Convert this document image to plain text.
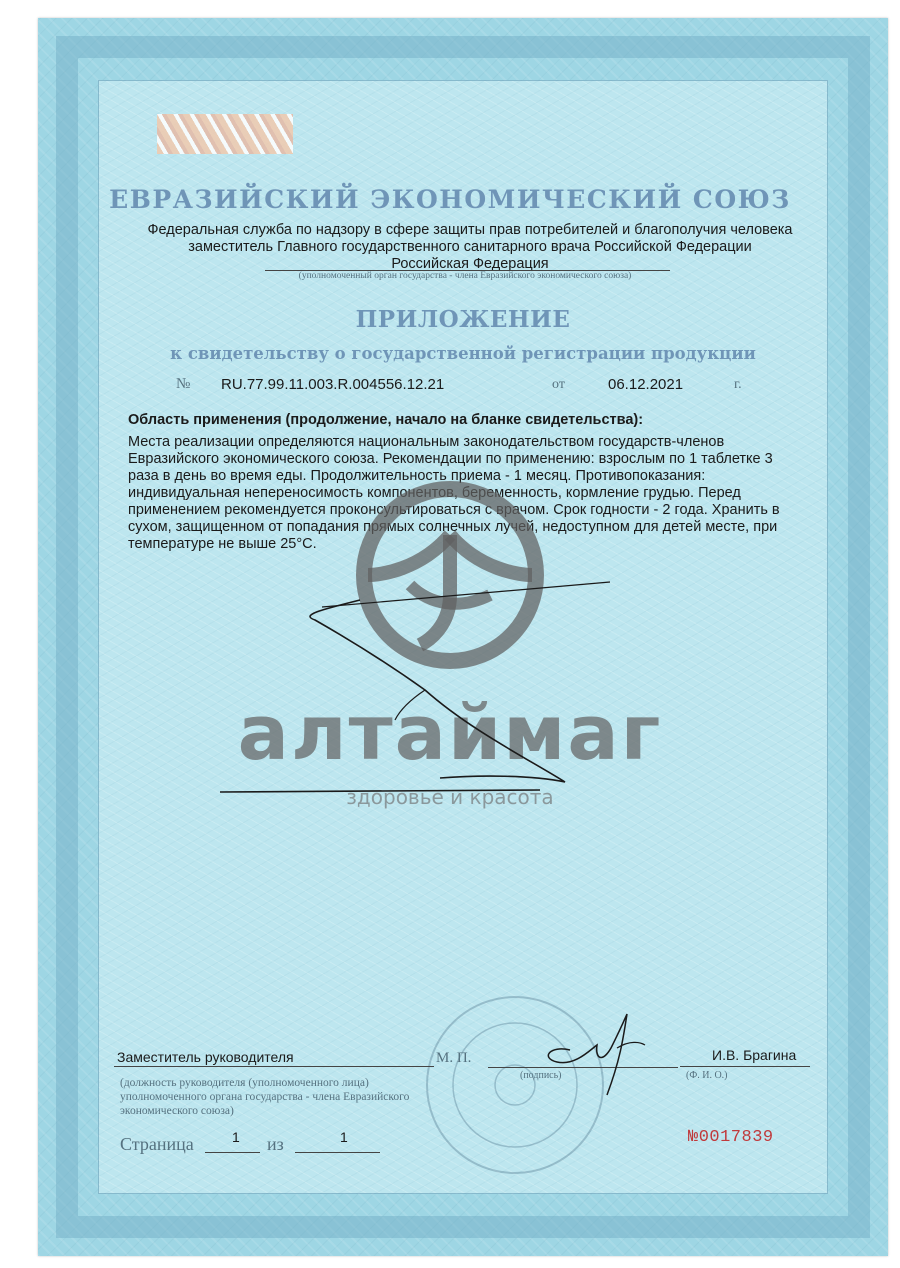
ЕВРАЗИЙСКИЙ ЭКОНОМИЧЕСКИЙ СОЮЗ
Федеральная служба по надзору в сфере защиты прав потребителей и благополучия человека
заместитель Главного государственного санитарного врача Российской Федерации
Российская Федерация
(уполномоченный орган государства - члена Евразийского экономического союза)
ПРИЛОЖЕНИЕ
к свидетельству о государственной регистрации продукции
№ RU.77.99.11.003.R.004556.12.21	от	06.12.2021	г.
Область применения (продолжение, начало на бланке свидетельства):
Места реализации определяются национальным законодательством государств-членов Евразийского экономического союза. Рекомендации по применению: взрослым по 1 таблетке 3 раза в день во время еды. Продолжительность приема - 1 месяц. Противопоказания: индивидуальная непереносимость компонентов, беременность, кормление грудью. Перед применением рекомендуется проконсультироваться с врачом. Срок годности - 2 года. Хранить в сухом, защищенном от попадания прямых солнечных лучей, недоступном для детей месте, при температуре не выше 25°С.
алтаймаг
здоровье и красота
Заместитель руководителя
(должность руководителя (уполномоченного лица) уполномоченного органа государства - члена Евразийского экономического союза)
М. П.
(подпись)
И.В. Брагина
(Ф. И. О.)
Страница	1 из	1	№0017839
